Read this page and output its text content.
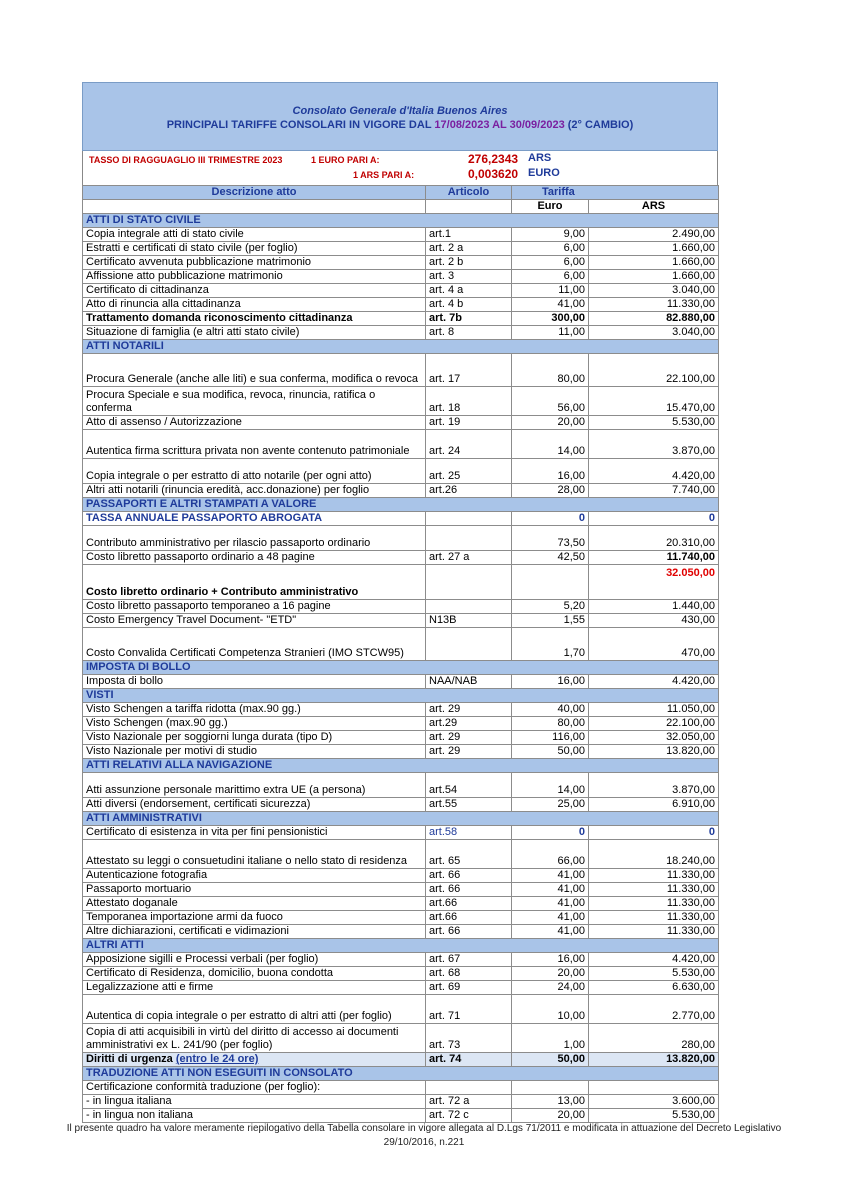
Consolato Generale d'Italia Buenos Aires
PRINCIPALI TARIFFE CONSOLARI IN VIGORE DAL 17/08/2023 AL 30/09/2023 (2° CAMBIO)
TASSO DI RAGGUAGLIO III TRIMESTRE 2023	1 EURO PARI A:
1 ARS PARI A:
276,2343 ARS
0,003620 EURO
Descrizione atto	Articolo	Tariffa	
		Euro	ARS
ATTI DI STATO CIVILE			
Copia integrale atti di stato civile	art.1	9,00	2.490,00
Estratti e certificati di stato civile (per foglio)	art. 2 a	6,00	1.660,00
Certificato avvenuta pubblicazione matrimonio	art. 2 b	6,00	1.660,00
Affissione atto pubblicazione matrimonio	art. 3	6,00	1.660,00
Certificato di cittadinanza	art. 4 a	11,00	3.040,00
Atto di rinuncia alla cittadinanza	art. 4 b	41,00	11.330,00
Trattamento domanda riconoscimento cittadinanza	art. 7b	300,00	82.880,00
Situazione di famiglia (e altri atti stato civile)	art. 8	11,00	3.040,00
ATTI NOTARILI			
Procura Generale (anche alle liti) e sua conferma, modifica o revoca	art. 17	80,00	22.100,00
Procura Speciale e sua modifica, revoca, rinuncia, ratifica o conferma	art. 18	56,00	15.470,00
Atto di assenso / Autorizzazione	art. 19	20,00	5.530,00
Autentica firma scrittura privata non avente contenuto patrimoniale	art. 24	14,00	3.870,00
Copia integrale o per estratto di atto notarile (per ogni atto)	art. 25	16,00	4.420,00
Altri atti notarili (rinuncia eredità, acc.donazione) per foglio	art.26	28,00	7.740,00
PASSAPORTI E ALTRI STAMPATI A VALORE			
TASSA ANNUALE PASSAPORTO ABROGATA		0	0
Contributo amministrativo per rilascio passaporto ordinario		73,50	20.310,00
Costo libretto passaporto ordinario a 48 pagine	art. 27 a	42,50	11.740,00
Costo libretto ordinario + Contributo amministrativo			32.050,00
Costo libretto passaporto temporaneo a 16 pagine		5,20	1.440,00
Costo Emergency Travel Document- "ETD"	N13B	1,55	430,00
Costo Convalida Certificati Competenza Stranieri (IMO STCW95)		1,70	470,00
IMPOSTA DI BOLLO			
Imposta di bollo	NAA/NAB	16,00	4.420,00
VISTI			
Visto Schengen a tariffa ridotta (max.90 gg.)	art. 29	40,00	11.050,00
Visto Schengen (max.90 gg.)	art.29	80,00	22.100,00
Visto Nazionale per soggiorni lunga durata (tipo D)	art. 29	116,00	32.050,00
Visto Nazionale per motivi di studio	art. 29	50,00	13.820,00
ATTI RELATIVI ALLA NAVIGAZIONE			
Atti assunzione personale marittimo extra UE (a persona)	art.54	14,00	3.870,00
Atti diversi (endorsement, certificati sicurezza)	art.55	25,00	6.910,00
ATTI AMMINISTRATIVI			
Certificato di esistenza in vita per fini pensionistici	art.58	0	0
Attestato su leggi o consuetudini italiane o nello stato di residenza	art. 65	66,00	18.240,00
Autenticazione fotografia	art. 66	41,00	11.330,00
Passaporto mortuario	art. 66	41,00	11.330,00
Attestato doganale	art.66	41,00	11.330,00
Temporanea importazione armi da fuoco	art.66	41,00	11.330,00
Altre dichiarazioni, certificati e vidimazioni	art. 66	41,00	11.330,00
ALTRI ATTI			
Apposizione sigilli e Processi verbali (per foglio)	art. 67	16,00	4.420,00
Certificato di Residenza, domicilio, buona condotta	art. 68	20,00	5.530,00
Legalizzazione atti e firme	art. 69	24,00	6.630,00
Autentica di copia integrale o per estratto di altri atti (per foglio)	art. 71	10,00	2.770,00
Copia di atti acquisibili in virtù del diritto di accesso ai documenti amministrativi ex L. 241/90 (per foglio)	art. 73	1,00	280,00
Diritti di urgenza (entro le 24 ore)	art. 74	50,00	13.820,00
TRADUZIONE ATTI NON ESEGUITI IN CONSOLATO			
Certificazione conformità traduzione (per foglio):			
- in lingua italiana	art. 72 a	13,00	3.600,00
- in lingua non italiana	art. 72 c	20,00	5.530,00
Il presente quadro ha valore meramente riepilogativo della Tabella consolare in vigore allegata al D.Lgs 71/2011 e modificata in attuazione del Decreto Legislativo 29/10/2016, n.221
